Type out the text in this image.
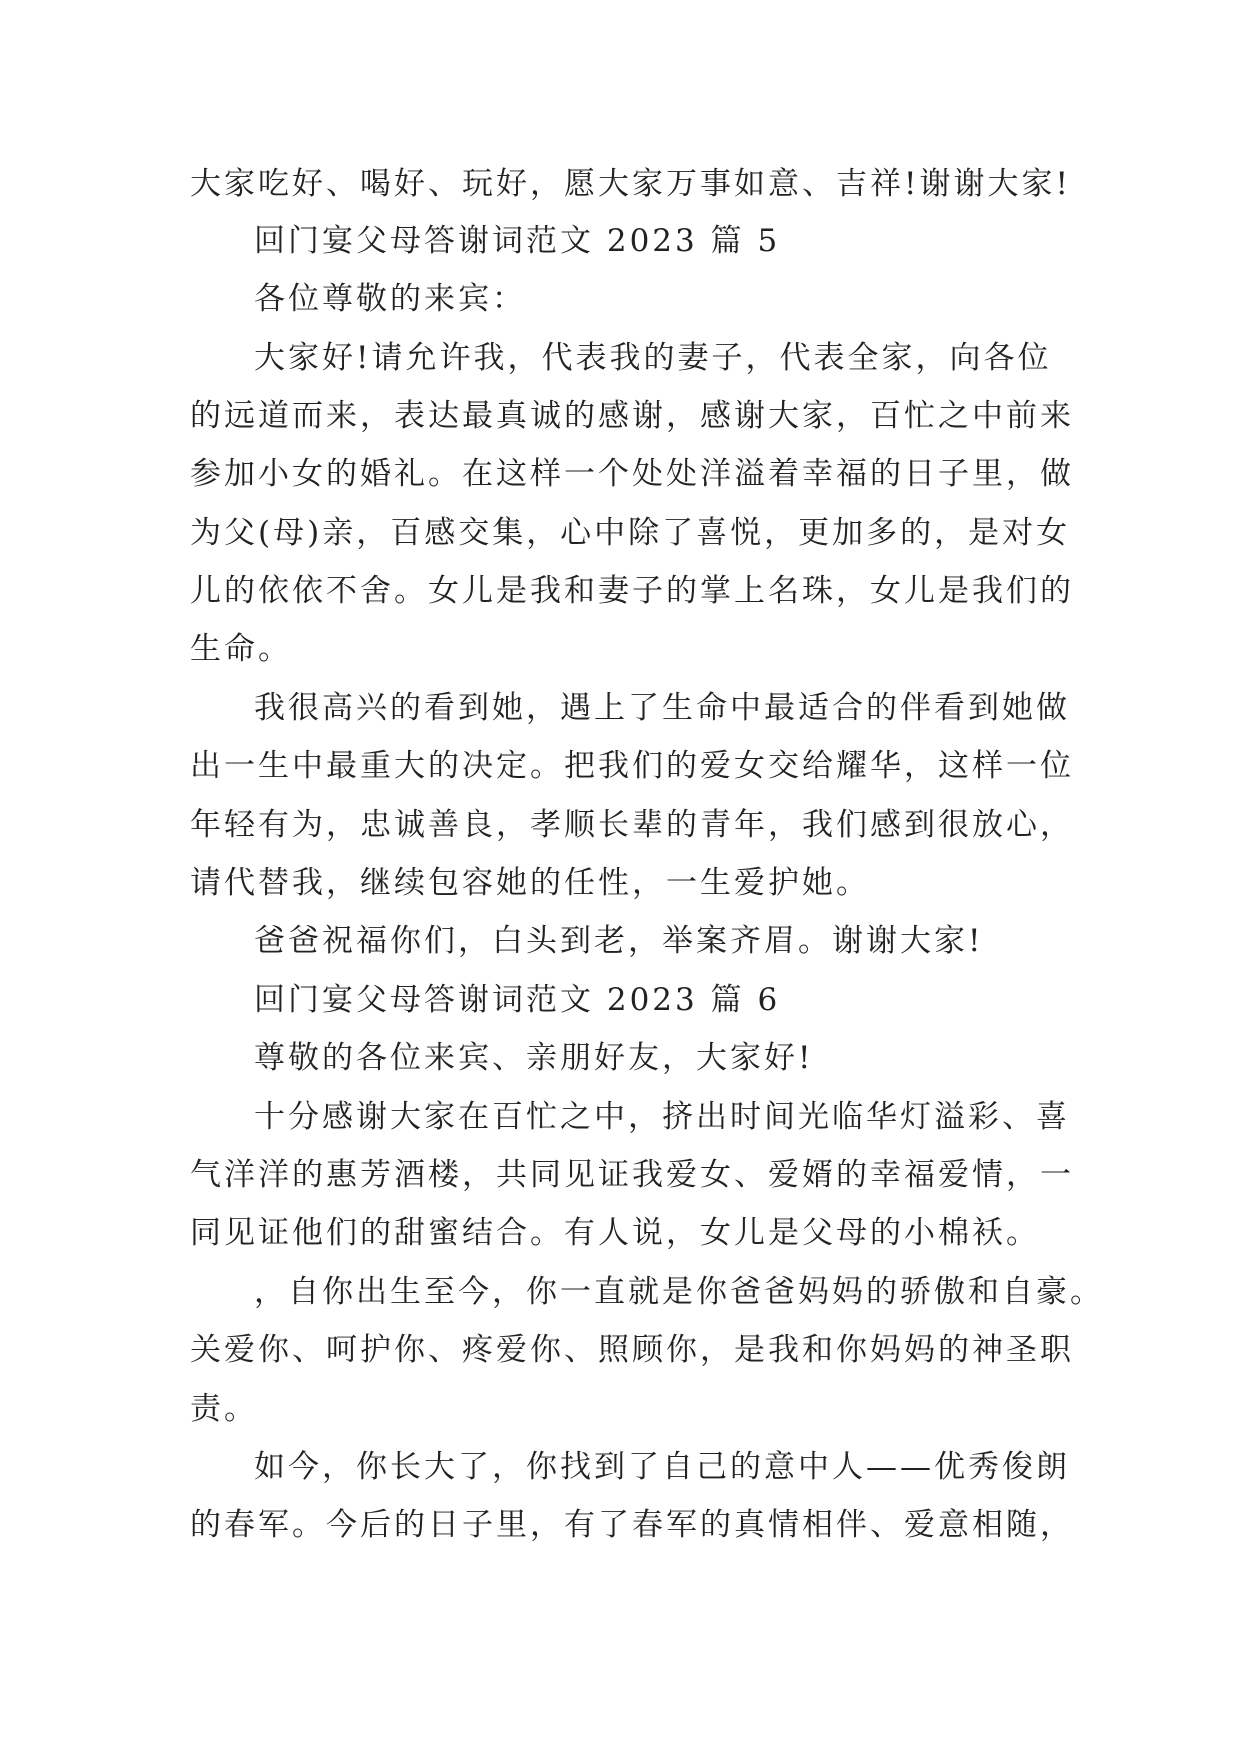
大家吃好、喝好、玩好，愿大家万事如意、吉祥!谢谢大家!
回门宴父母答谢词范文 2023 篇 5
各位尊敬的来宾：
大家好!请允许我，代表我的妻子，代表全家，向各位
的远道而来，表达最真诚的感谢，感谢大家，百忙之中前来
参加小女的婚礼。在这样一个处处洋溢着幸福的日子里，做
为父(母)亲，百感交集，心中除了喜悦，更加多的，是对女
儿的依依不舍。女儿是我和妻子的掌上名珠，女儿是我们的
生命。
我很高兴的看到她，遇上了生命中最适合的伴看到她做
出一生中最重大的决定。把我们的爱女交给耀华，这样一位
年轻有为，忠诚善良，孝顺长辈的青年，我们感到很放心，
请代替我，继续包容她的任性，一生爱护她。
爸爸祝福你们，白头到老，举案齐眉。谢谢大家!
回门宴父母答谢词范文 2023 篇 6
尊敬的各位来宾、亲朋好友，大家好!
十分感谢大家在百忙之中，挤出时间光临华灯溢彩、喜
气洋洋的惠芳酒楼，共同见证我爱女、爱婿的幸福爱情，一
同见证他们的甜蜜结合。有人说，女儿是父母的小棉袄。
，自你出生至今，你一直就是你爸爸妈妈的骄傲和自豪。
关爱你、呵护你、疼爱你、照顾你，是我和你妈妈的神圣职
责。
如今，你长大了，你找到了自己的意中人——优秀俊朗
的春军。今后的日子里，有了春军的真情相伴、爱意相随，
